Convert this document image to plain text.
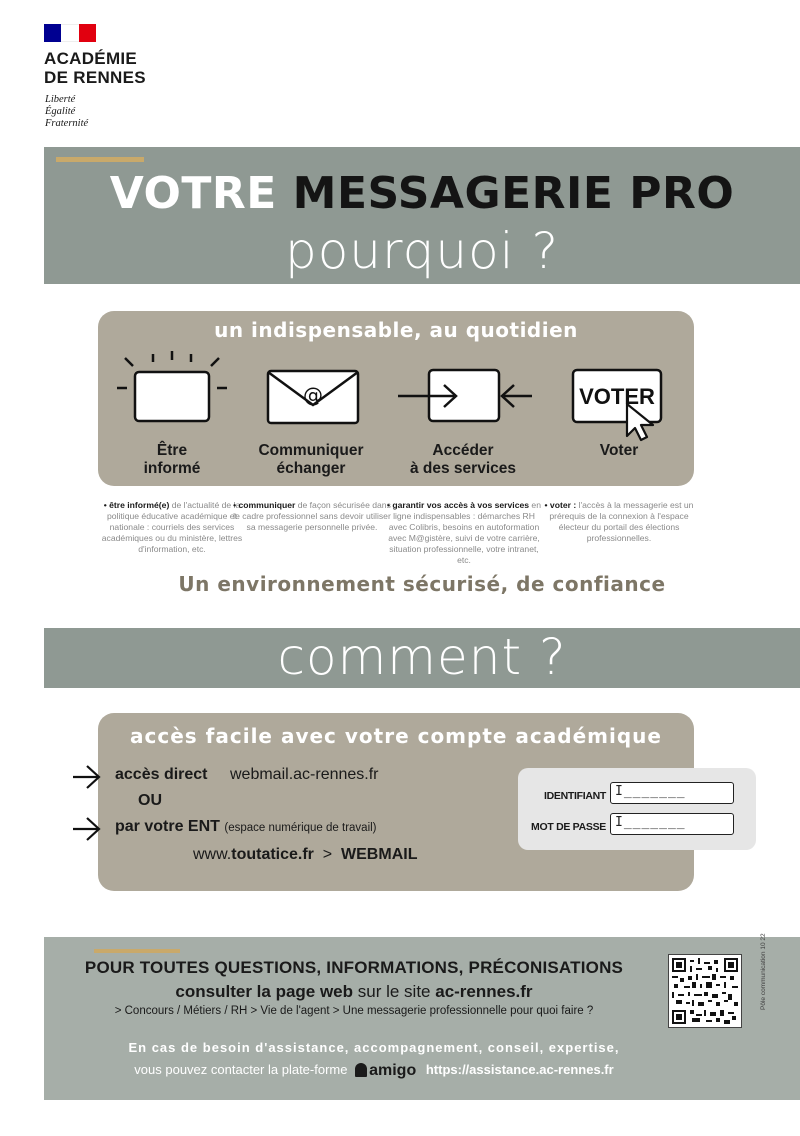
ACADÉMIE
DE RENNES
Liberté
Égalité
Fraternité
VOTRE MESSAGERIE PRO
pourquoi ?
un indispensable, au quotidien
Être
informé
@
Communiquer
échanger
Accéder
à des services
VOTER
Voter
• être informé(e) de l'actualité de la politique éducative académique et nationale : courriels des services académiques ou du ministère, lettres d'information, etc.
• communiquer de façon sécurisée dans le cadre professionnel sans devoir utiliser sa messagerie personnelle privée.
• garantir vos accès à vos services en ligne indispensables : démarches RH avec Colibris, besoins en autoformation avec M@gistère, suivi de votre carrière, situation professionnelle, votre intranet, etc.
• voter : l'accès à la messagerie est un prérequis de la connexion à l'espace électeur du portail des élections professionnelles.
Un environnement sécurisé, de confiance
comment ?
accès facile avec votre compte académique
accès direct webmail.ac-rennes.fr
OU
par votre ENT (espace numérique de travail)
www.toutatice.fr > WEBMAIL
IDENTIFIANT I_______
MOT DE PASSE I_______
POUR TOUTES QUESTIONS, INFORMATIONS, PRÉCONISATIONS
consulter la page web sur le site ac-rennes.fr
> Concours / Métiers / RH > Vie de l'agent > Une messagerie professionnelle pour quoi faire ?
En cas de besoin d'assistance, accompagnement, conseil, expertise,
vous pouvez contacter la plate-forme amigo https://assistance.ac-rennes.fr
Pôle communication 10 22
